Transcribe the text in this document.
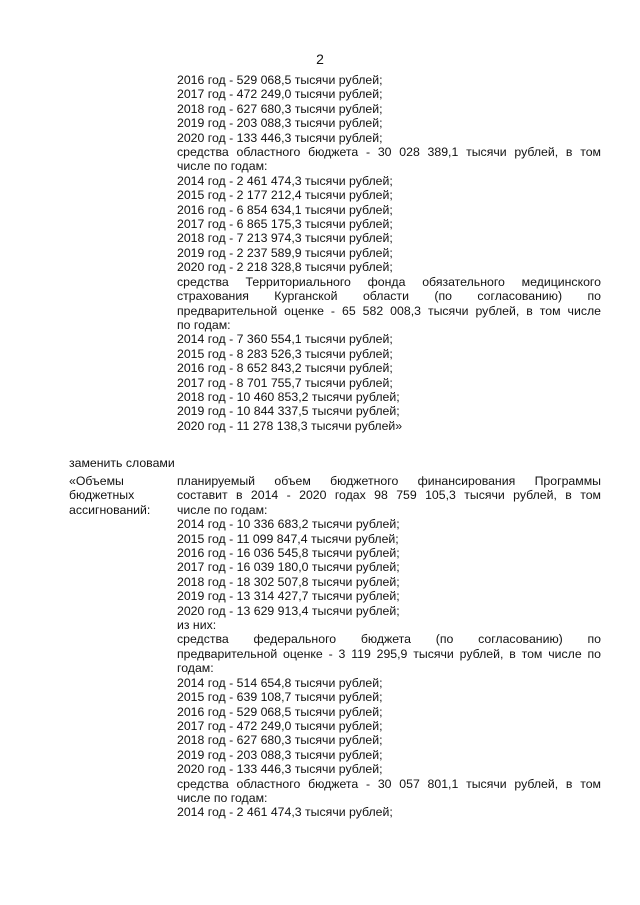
2
2016 год - 529 068,5 тысячи рублей;
2017 год - 472 249,0 тысячи рублей;
2018 год - 627 680,3 тысячи рублей;
2019 год - 203 088,3 тысячи рублей;
2020 год - 133 446,3 тысячи рублей;
средства областного бюджета - 30 028 389,1 тысячи рублей, в том
числе по годам:
2014 год - 2 461 474,3 тысячи рублей;
2015 год - 2 177 212,4 тысячи рублей;
2016 год - 6 854 634,1 тысячи рублей;
2017 год - 6 865 175,3 тысячи рублей;
2018 год - 7 213 974,3 тысячи рублей;
2019 год - 2 237 589,9 тысячи рублей;
2020 год - 2 218 328,8 тысячи рублей;
средства Территориального фонда обязательного медицинского
страхования Курганской области (по согласованию) по
предварительной оценке - 65 582 008,3 тысячи рублей, в том числе
по годам:
2014 год - 7 360 554,1 тысячи рублей;
2015 год - 8 283 526,3 тысячи рублей;
2016 год - 8 652 843,2 тысячи рублей;
2017 год - 8 701 755,7 тысячи рублей;
2018 год - 10 460 853,2 тысячи рублей;
2019 год - 10 844 337,5 тысячи рублей;
2020 год - 11 278 138,3 тысячи рублей»
заменить словами
«Объемы
бюджетных
ассигнований:
планируемый объем бюджетного финансирования Программы
составит в 2014 - 2020 годах 98 759 105,3 тысячи рублей, в том
числе по годам:
2014 год - 10 336 683,2 тысячи рублей;
2015 год - 11 099 847,4 тысячи рублей;
2016 год - 16 036 545,8 тысячи рублей;
2017 год - 16 039 180,0 тысячи рублей;
2018 год - 18 302 507,8 тысячи рублей;
2019 год - 13 314 427,7 тысячи рублей;
2020 год - 13 629 913,4 тысячи рублей;
из них:
средства федерального бюджета (по согласованию) по
предварительной оценке - 3 119 295,9 тысячи рублей, в том числе по
годам:
2014 год - 514 654,8 тысячи рублей;
2015 год - 639 108,7 тысячи рублей;
2016 год - 529 068,5 тысячи рублей;
2017 год - 472 249,0 тысячи рублей;
2018 год - 627 680,3 тысячи рублей;
2019 год - 203 088,3 тысячи рублей;
2020 год - 133 446,3 тысячи рублей;
средства областного бюджета - 30 057 801,1 тысячи рублей, в том
числе по годам:
2014 год - 2 461 474,3 тысячи рублей;
